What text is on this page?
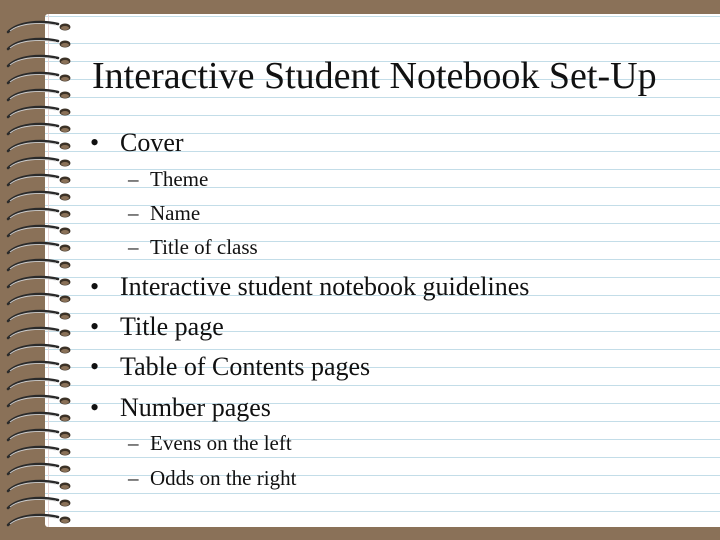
Interactive Student Notebook Set-Up
• Cover
– Theme
– Name
– Title of class
• Interactive student notebook guidelines
• Title page
• Table of Contents pages
• Number pages
– Evens on the left
– Odds on the right
